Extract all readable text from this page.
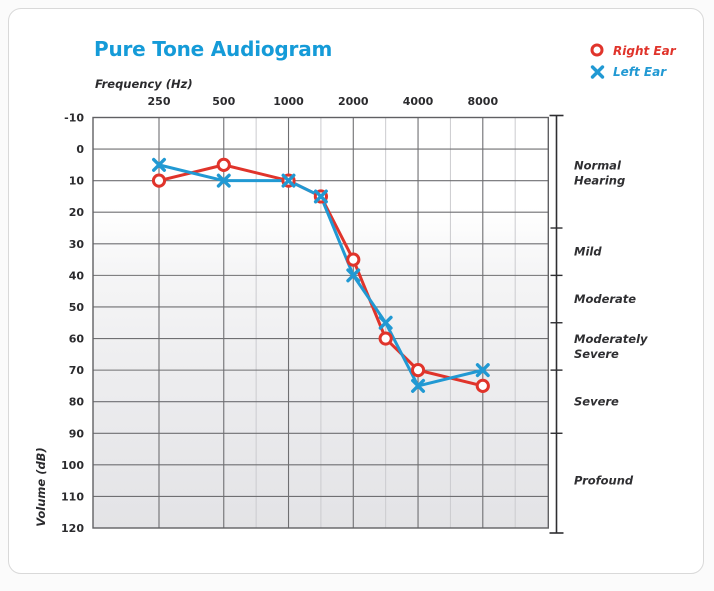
-10
0
10
20
30
40
50
60
70
80
90
100
110
120
250	500	1000	2000	4000	8000
Normal Hearing
Mild
Moderate
Moderately Severe
Severe
Profound
Pure Tone Audiogram
Frequency (Hz)
Volume (dB)
Right Ear
Left Ear
